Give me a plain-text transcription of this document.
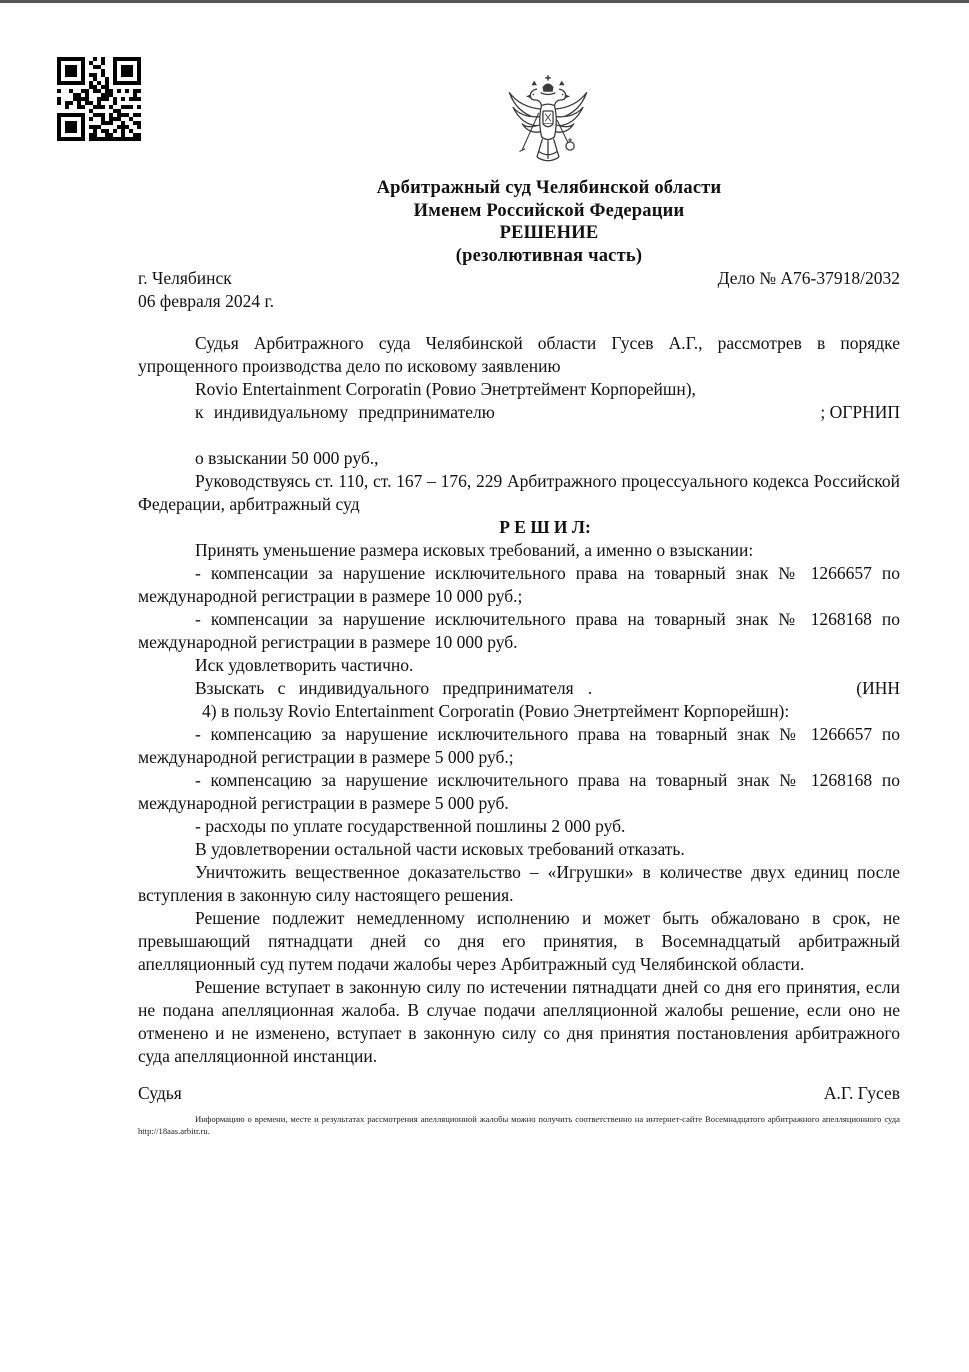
Арбитражный суд Челябинской области
Именем Российской Федерации
РЕШЕНИЕ
(резолютивная часть)
г. Челябинск	Дело № А76-37918/2032
06 февраля 2024 г.

Судья Арбитражного суда Челябинской области Гусев А.Г., рассмотрев в порядке упрощенного производства дело по исковому заявлению

Rovio Entertainment Corporatin (Ровио Энетртеймент Корпорейшн),

к индивидуальному предпринимателю	; ОГРНИП

о взыскании 50 000 руб.,

Руководствуясь ст. 110, ст. 167 – 176, 229 Арбитражного процессуального кодекса Российской Федерации, арбитражный суд

Р Е Ш И Л:

Принять уменьшение размера исковых требований, а именно о взыскании:

- компенсации за нарушение исключительного права на товарный знак № 1266657 по международной регистрации в размере 10 000 руб.;

- компенсации за нарушение исключительного права на товарный знак № 1268168 по международной регистрации в размере 10 000 руб.

Иск удовлетворить частично.

Взыскать с индивидуального предпринимателя .	(ИНН

4) в пользу Rovio Entertainment Corporatin (Ровио Энетртеймент Корпорейшн):

- компенсацию за нарушение исключительного права на товарный знак № 1266657 по международной регистрации в размере 5 000 руб.;

- компенсацию за нарушение исключительного права на товарный знак № 1268168 по международной регистрации в размере 5 000 руб.

- расходы по уплате государственной пошлины 2 000 руб.

В удовлетворении остальной части исковых требований отказать.

Уничтожить вещественное доказательство – «Игрушки» в количестве двух единиц после вступления в законную силу настоящего решения.

Решение подлежит немедленному исполнению и может быть обжаловано в срок, не превышающий пятнадцати дней со дня его принятия, в Восемнадцатый арбитражный апелляционный суд путем подачи жалобы через Арбитражный суд Челябинской области.

Решение вступает в законную силу по истечении пятнадцати дней со дня его принятия, если не подана апелляционная жалоба. В случае подачи апелляционной жалобы решение, если оно не отменено и не изменено, вступает в законную силу со дня принятия постановления арбитражного суда апелляционной инстанции.

Судья	А.Г. Гусев

Информацию о времени, месте и результатах рассмотрения апелляционной жалобы можно получить соответственно на интернет-сайте Восемнадцатого арбитражного апелляционного суда http://18aas.arbitr.ru.
